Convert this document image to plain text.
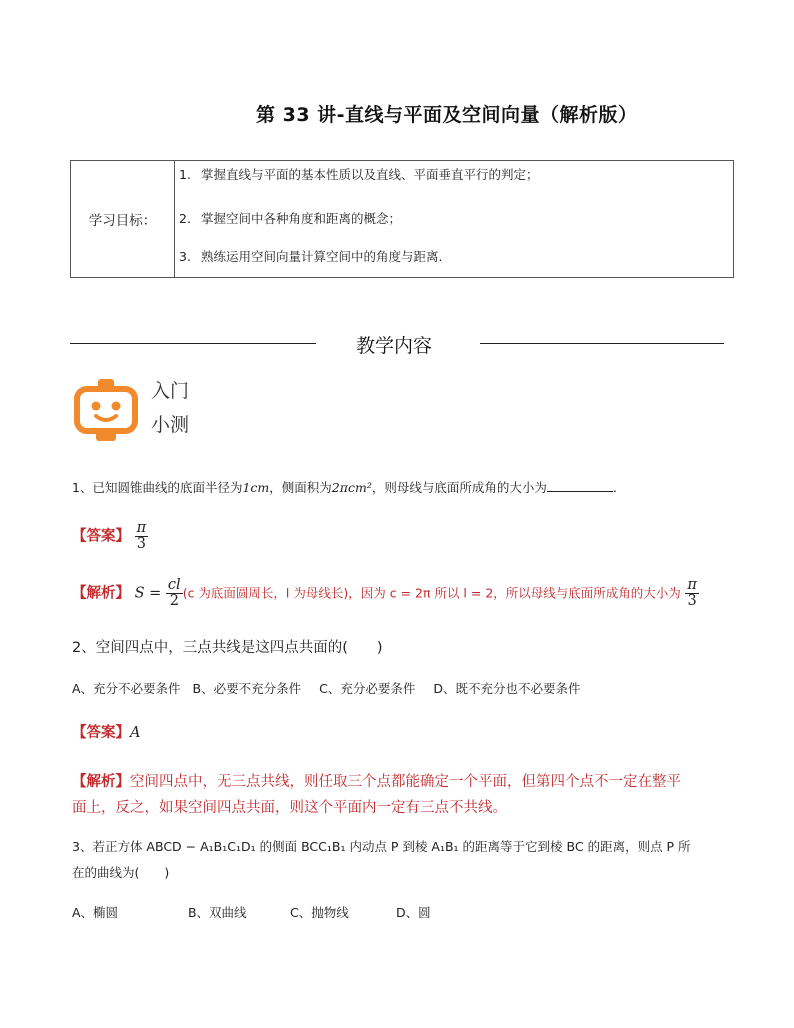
第 33 讲-直线与平面及空间向量（解析版）
学习目标：	
1. 掌握直线与平面的基本性质以及直线、平面垂直平行的判定；
2. 掌握空间中各种角度和距离的概念；
3. 熟练运用空间向量计算空间中的角度与距离.
教学内容
入门
小测
1、已知圆锥曲线的底面半径为1cm，侧面积为2πcm²，则母线与底面所成角的大小为	.
【答案】 $\frac{\pi}{3}$
【解析】 $S = \frac{cl}{2} (c$ 为底面圆周长，l 为母线长)，因为 c = 2π 所以 l = 2，所以母线与底面所成角的大小为 $\frac{\pi}{3}$
2、空间四点中，三点共线是这四点共面的(　　)
A、充分不必要条件 B、必要不充分条件 C、充分必要条件 D、既不充分也不必要条件
【答案】A
【解析】空间四点中，无三点共线，则任取三个点都能确定一个平面，但第四个点不一定在整平
面上，反之，如果空间四点共面，则这个平面内一定有三点不共线。
3、若正方体 ABCD − A₁B₁C₁D₁ 的侧面 BCC₁B₁ 内动点 P 到棱 A₁B₁ 的距离等于它到棱 BC 的距离，则点 P 所
在的曲线为(　　)
A、椭圆	B、双曲线	C、抛物线	D、圆
